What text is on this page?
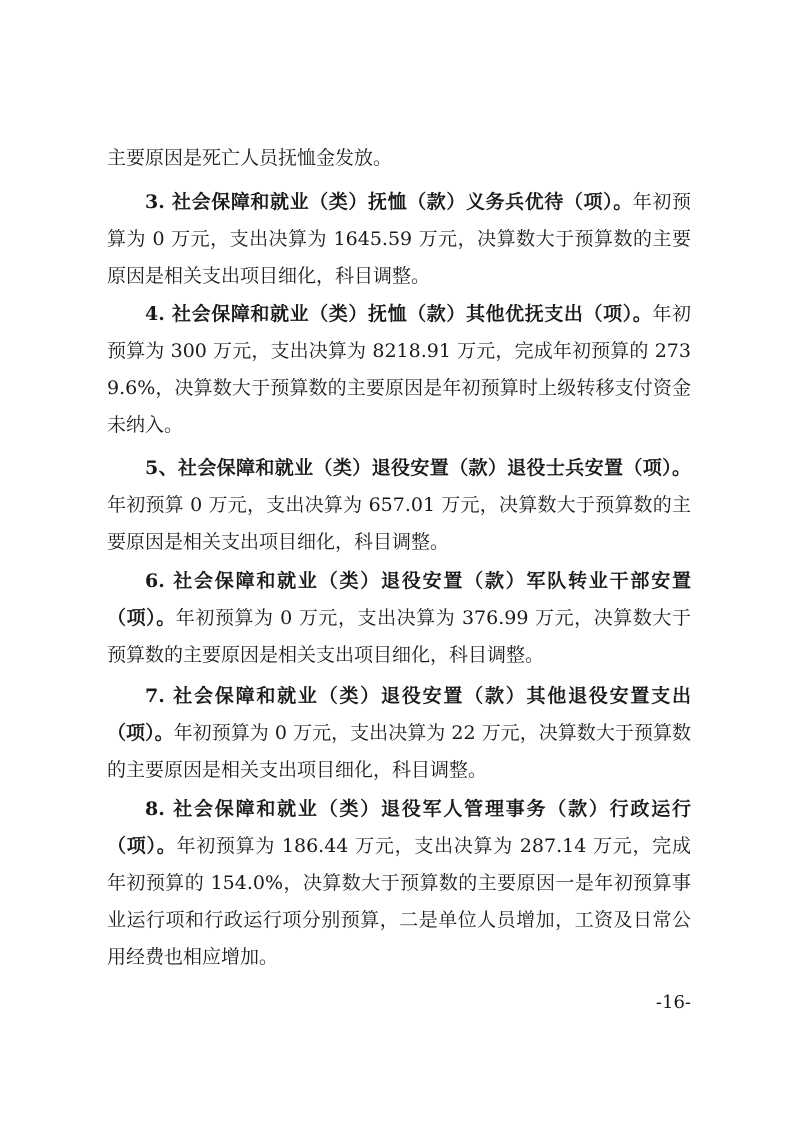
主要原因是死亡人员抚恤金发放。

3. 社会保障和就业（类）抚恤（款）义务兵优待（项）。年初预算为 0 万元，支出决算为 1645.59 万元，决算数大于预算数的主要原因是相关支出项目细化，科目调整。

4. 社会保障和就业（类）抚恤（款）其他优抚支出（项）。年初预算为 300 万元，支出决算为 8218.91 万元，完成年初预算的 2739.6%，决算数大于预算数的主要原因是年初预算时上级转移支付资金未纳入。

5、社会保障和就业（类）退役安置（款）退役士兵安置（项）。年初预算 0 万元，支出决算为 657.01 万元，决算数大于预算数的主要原因是相关支出项目细化，科目调整。

6. 社会保障和就业（类）退役安置（款）军队转业干部安置（项）。年初预算为 0 万元，支出决算为 376.99 万元，决算数大于预算数的主要原因是相关支出项目细化，科目调整。

7. 社会保障和就业（类）退役安置（款）其他退役安置支出（项）。年初预算为 0 万元，支出决算为 22 万元，决算数大于预算数的主要原因是相关支出项目细化，科目调整。

8. 社会保障和就业（类）退役军人管理事务（款）行政运行（项）。年初预算为 186.44 万元，支出决算为 287.14 万元，完成年初预算的 154.0%，决算数大于预算数的主要原因一是年初预算事业运行项和行政运行项分别预算，二是单位人员增加，工资及日常公用经费也相应增加。

-16-
